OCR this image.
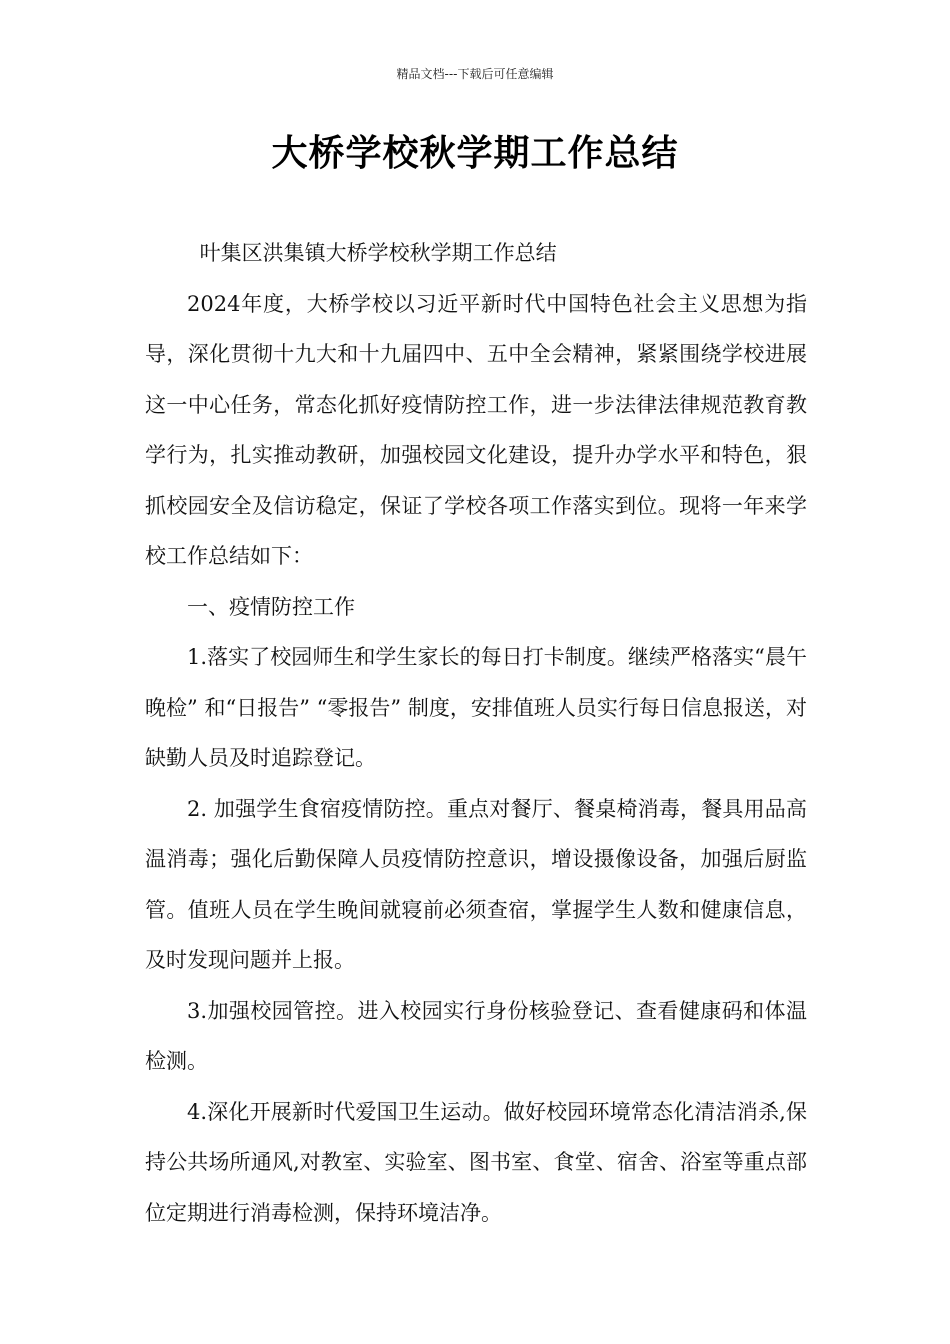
精品文档---下载后可任意编辑
大桥学校秋学期工作总结

叶集区洪集镇大桥学校秋学期工作总结

2024年度，大桥学校以习近平新时代中国特色社会主义思想为指导，深化贯彻十九大和十九届四中、五中全会精神，紧紧围绕学校进展这一中心任务，常态化抓好疫情防控工作，进一步法律法律规范教育教学行为，扎实推动教研，加强校园文化建设，提升办学水平和特色，狠抓校园安全及信访稳定，保证了学校各项工作落实到位。现将一年来学校工作总结如下：

一、疫情防控工作

1.落实了校园师生和学生家长的每日打卡制度。继续严格落实“晨午晚检” 和“日报告” “零报告” 制度，安排值班人员实行每日信息报送，对缺勤人员及时追踪登记。

2. 加强学生食宿疫情防控。重点对餐厅、餐桌椅消毒，餐具用品高温消毒；强化后勤保障人员疫情防控意识，增设摄像设备，加强后厨监管。值班人员在学生晚间就寝前必须查宿，掌握学生人数和健康信息，及时发现问题并上报。

3.加强校园管控。进入校园实行身份核验登记、查看健康码和体温检测。

4.深化开展新时代爱国卫生运动。做好校园环境常态化清洁消杀,保持公共场所通风,对教室、实验室、图书室、食堂、宿舍、浴室等重点部位定期进行消毒检测，保持环境洁净。
